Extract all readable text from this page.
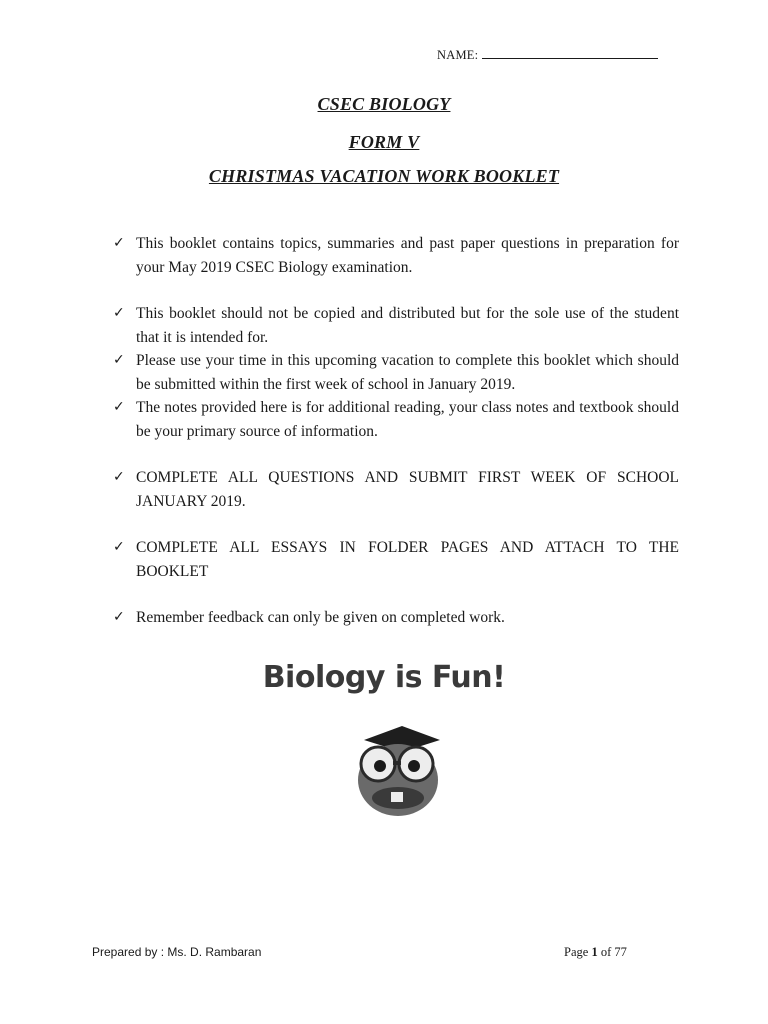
NAME:
CSEC BIOLOGY
FORM V
CHRISTMAS VACATION WORK BOOKLET
✓ This booklet contains topics, summaries and past paper questions in preparation for your May 2019 CSEC Biology examination.
✓ This booklet should not be copied and distributed but for the sole use of the student that it is intended for.
✓ Please use your time in this upcoming vacation to complete this booklet which should be submitted within the first week of school in January 2019.
✓ The notes provided here is for additional reading, your class notes and textbook should be your primary source of information.
✓ COMPLETE ALL QUESTIONS AND SUBMIT FIRST WEEK OF SCHOOL JANUARY 2019.
✓ COMPLETE ALL ESSAYS IN FOLDER PAGES AND ATTACH TO THE BOOKLET
✓ Remember feedback can only be given on completed work.
Biology is Fun!
Prepared by : Ms. D. Rambaran	Page 1 of 77
